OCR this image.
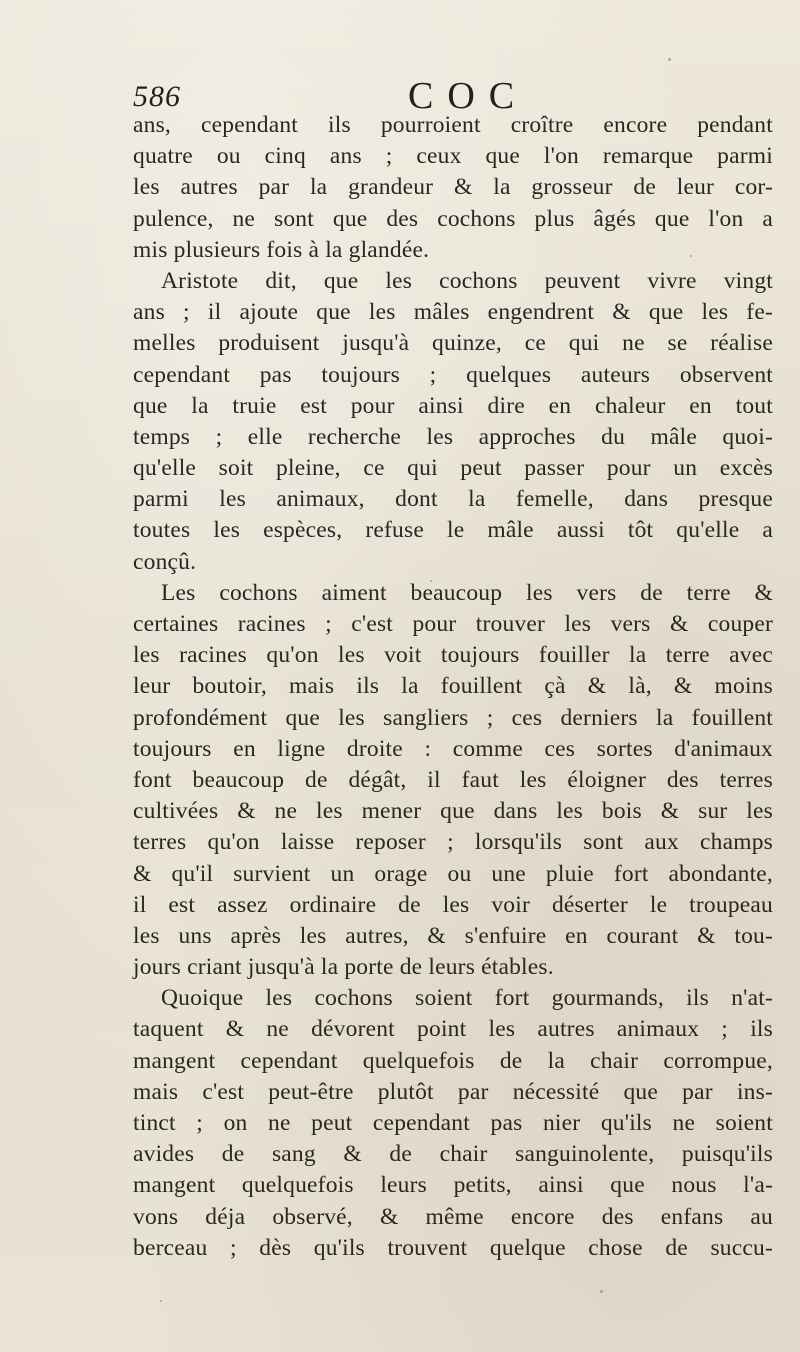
586	COC
ans, cependant ils pourroient croître encore pendant
quatre ou cinq ans ; ceux que l'on remarque parmi
les autres par la grandeur & la grosseur de leur cor-
pulence, ne sont que des cochons plus âgés que l'on a
mis plusieurs fois à la glandée.
Aristote dit, que les cochons peuvent vivre vingt
ans ; il ajoute que les mâles engendrent & que les fe-
melles produisent jusqu'à quinze, ce qui ne se réalise
cependant pas toujours ; quelques auteurs observent
que la truie est pour ainsi dire en chaleur en tout
temps ; elle recherche les approches du mâle quoi-
qu'elle soit pleine, ce qui peut passer pour un excès
parmi les animaux, dont la femelle, dans presque
toutes les espèces, refuse le mâle aussi tôt qu'elle a
conçû.
Les cochons aiment beaucoup les vers de terre &
certaines racines ; c'est pour trouver les vers & couper
les racines qu'on les voit toujours fouiller la terre avec
leur boutoir, mais ils la fouillent çà & là, & moins
profondément que les sangliers ; ces derniers la fouillent
toujours en ligne droite : comme ces sortes d'animaux
font beaucoup de dégât, il faut les éloigner des terres
cultivées & ne les mener que dans les bois & sur les
terres qu'on laisse reposer ; lorsqu'ils sont aux champs
& qu'il survient un orage ou une pluie fort abondante,
il est assez ordinaire de les voir déserter le troupeau
les uns après les autres, & s'enfuire en courant & tou-
jours criant jusqu'à la porte de leurs étables.
Quoique les cochons soient fort gourmands, ils n'at-
taquent & ne dévorent point les autres animaux ; ils
mangent cependant quelquefois de la chair corrompue,
mais c'est peut-être plutôt par nécessité que par ins-
tinct ; on ne peut cependant pas nier qu'ils ne soient
avides de sang & de chair sanguinolente, puisqu'ils
mangent quelquefois leurs petits, ainsi que nous l'a-
vons déja observé, & même encore des enfans au
berceau ; dès qu'ils trouvent quelque chose de succu-
